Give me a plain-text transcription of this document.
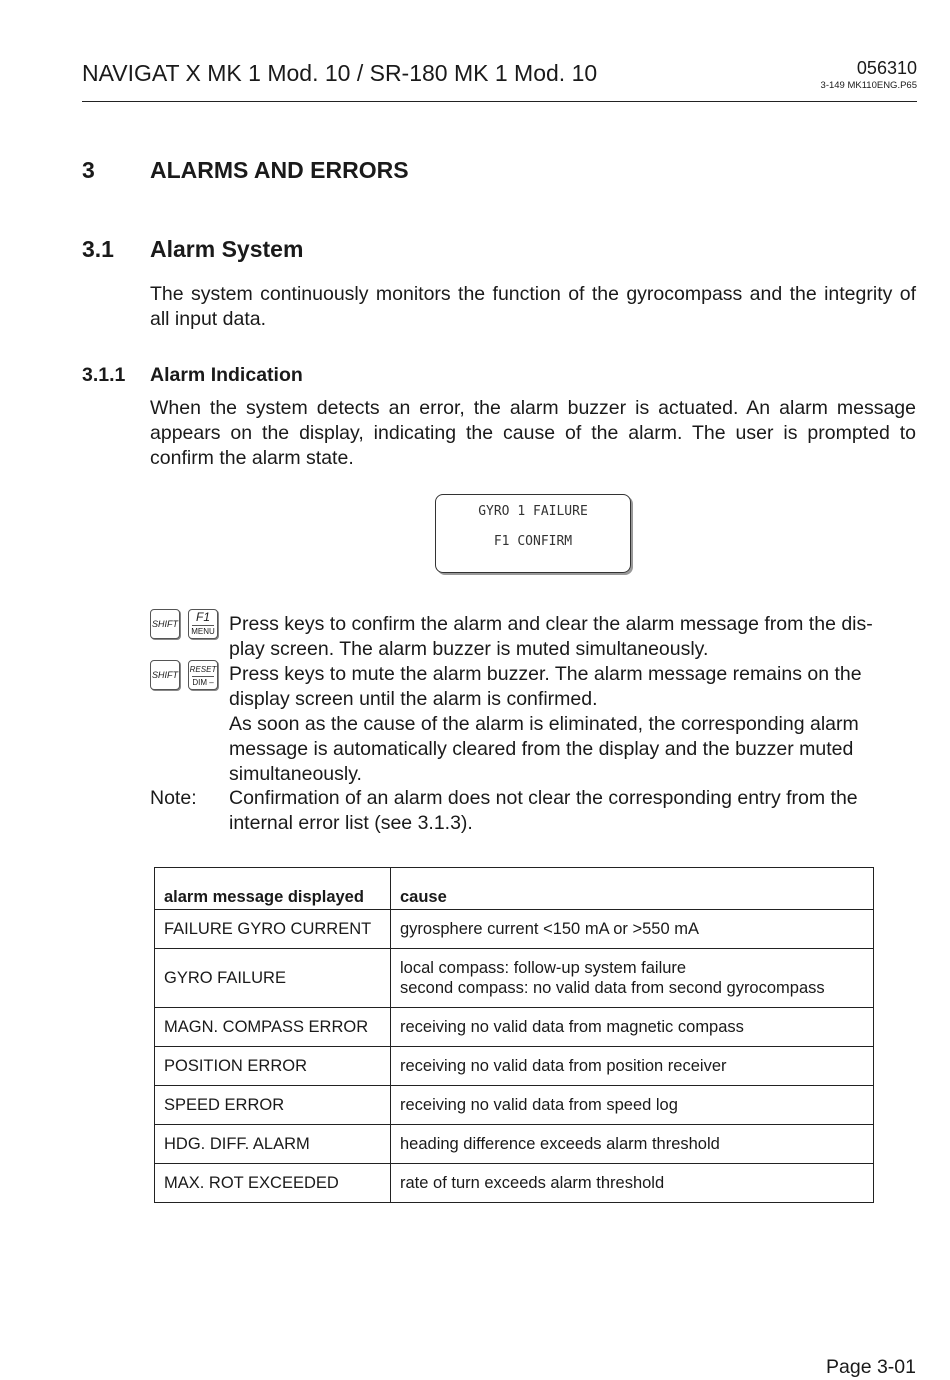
NAVIGAT X MK 1 Mod. 10 / SR-180 MK 1 Mod. 10	056310
3-149 MK110ENG.P65
3 ALARMS AND ERRORS
3.1 Alarm System
The system continuously monitors the function of the gyrocompass and the integrity of all input data.
3.1.1 Alarm Indication
When the system detects an error, the alarm buzzer is actuated. An alarm message appears on the display, indicating the cause of the alarm. The user is prompted to confirm the alarm state.
GYRO 1 FAILURE
F1 CONFIRM
SHIFT	F1
MENU
SHIFT
RESET
DIM –
Press keys to confirm the alarm and clear the alarm message from the dis-
play screen. The alarm buzzer is muted simultaneously.
Press keys to mute the alarm buzzer. The alarm message remains on the
display screen until the alarm is confirmed.
As soon as the cause of the alarm is eliminated, the corresponding alarm
message is automatically cleared from the display and the buzzer muted
simultaneously.
Note: Confirmation of an alarm does not clear the corresponding entry from the
internal error list (see 3.1.3).
alarm message displayed	cause
FAILURE GYRO CURRENT	gyrosphere current <150 mA or >550 mA
GYRO FAILURE	local compass: follow-up system failure
second compass: no valid data from second gyrocompass

MAGN. COMPASS ERROR	receiving no valid data from magnetic compass
POSITION ERROR	receiving no valid data from position receiver
SPEED ERROR	receiving no valid data from speed log
HDG. DIFF. ALARM	heading difference exceeds alarm threshold
MAX. ROT EXCEEDED	rate of turn exceeds alarm threshold
Page 3-01
